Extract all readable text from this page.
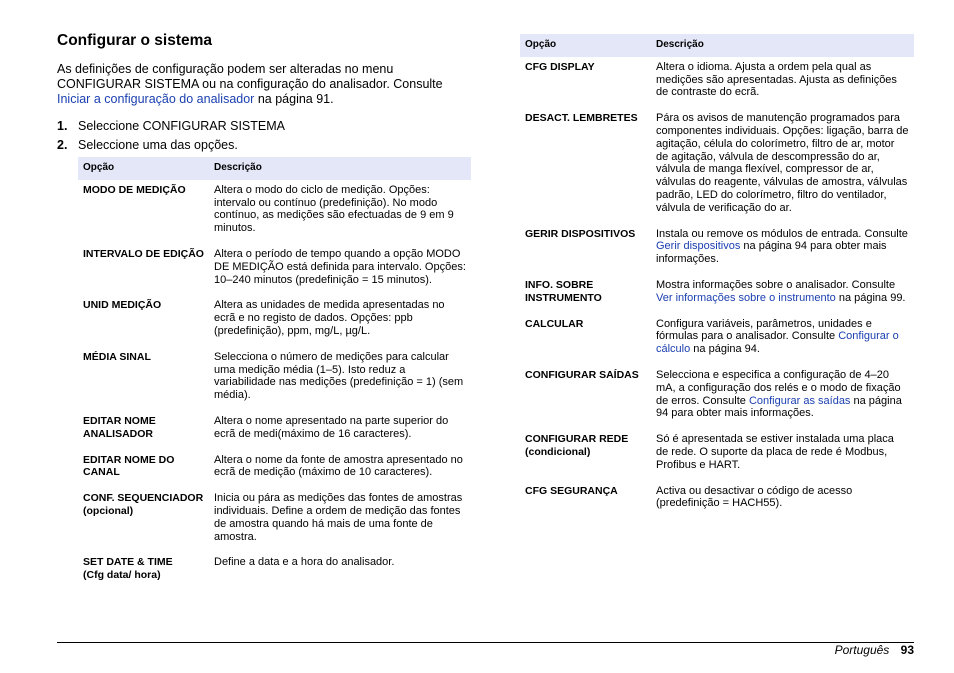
Configurar o sistema

As definições de configuração podem ser alteradas no menu CONFIGURAR SISTEMA ou na configuração do analisador. Consulte Iniciar a configuração do analisador na página 91.

1. Seleccione CONFIGURAR SISTEMA
2. Seleccione uma das opções.
Opção	Descrição
MODO DE MEDIÇÃO	Altera o modo do ciclo de medição. Opções: intervalo ou contínuo (predefinição). No modo contínuo, as medições são efectuadas de 9 em 9 minutos.
INTERVALO DE EDIÇÃO	Altera o período de tempo quando a opção MODO DE MEDIÇÃO está definida para intervalo. Opções: 10–240 minutos (predefinição = 15 minutos).
UNID MEDIÇÃO	Altera as unidades de medida apresentadas no ecrã e no registo de dados. Opções: ppb (predefinição), ppm, mg/L, µg/L.
MÉDIA SINAL	Selecciona o número de medições para calcular uma medição média (1–5). Isto reduz a variabilidade nas medições (predefinição = 1) (sem média).
EDITAR NOME ANALISADOR	Altera o nome apresentado na parte superior do ecrã de medi(máximo de 16 caracteres).
EDITAR NOME DO CANAL	Altera o nome da fonte de amostra apresentado no ecrã de medição (máximo de 10 caracteres).
CONF. SEQUENCIADOR
(opcional)	Inicia ou pára as medições das fontes de amostras individuais. Define a ordem de medição das fontes de amostra quando há mais de uma fonte de amostra.
SET DATE & TIME
(Cfg data/ hora)	Define a data e a hora do analisador.
Opção	Descrição
CFG DISPLAY	Altera o idioma. Ajusta a ordem pela qual as medições são apresentadas. Ajusta as definições de contraste do ecrã.
DESACT. LEMBRETES	Pára os avisos de manutenção programados para componentes individuais. Opções: ligação, barra de agitação, célula do colorímetro, filtro de ar, motor de agitação, válvula de descompressão do ar, válvula de manga flexível, compressor de ar, válvulas do reagente, válvulas de amostra, válvulas padrão, LED do colorímetro, filtro do ventilador, válvula de verificação do ar.
GERIR DISPOSITIVOS	Instala ou remove os módulos de entrada. Consulte Gerir dispositivos na página 94 para obter mais informações.
INFO. SOBRE INSTRUMENTO	Mostra informações sobre o analisador. Consulte Ver informações sobre o instrumento na página 99.
CALCULAR	Configura variáveis, parâmetros, unidades e fórmulas para o analisador. Consulte Configurar o cálculo na página 94.
CONFIGURAR SAÍDAS	Selecciona e especifica a configuração de 4–20 mA, a configuração dos relés e o modo de fixação de erros. Consulte Configurar as saídas na página 94 para obter mais informações.
CONFIGURAR REDE
(condicional)	Só é apresentada se estiver instalada uma placa de rede. O suporte da placa de rede é Modbus, Profibus e HART.
CFG SEGURANÇA	Activa ou desactivar o código de acesso (predefinição = HACH55).
Português 93
